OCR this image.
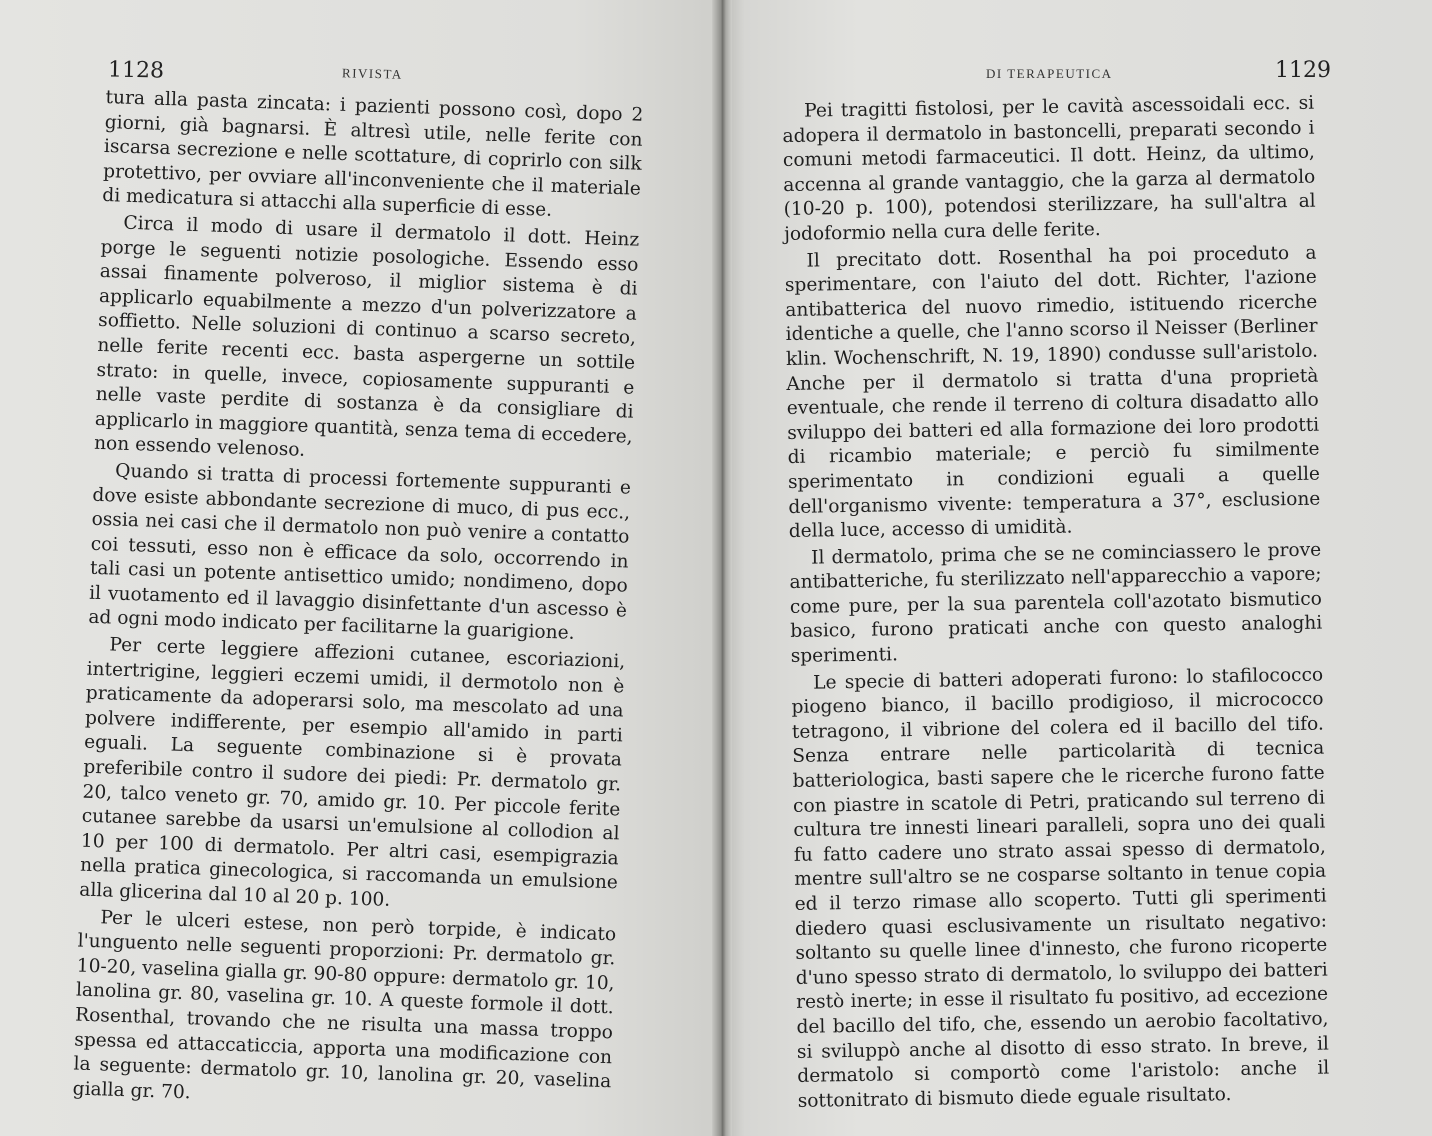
1128	RIVISTA

tura alla pasta zincata: i pazienti possono così, dopo 2 giorni, già bagnarsi. È altresì utile, nelle ferite con iscarsa secrezione e nelle scottature, di coprirlo con silk protettivo, per ovviare all'inconveniente che il materiale di medicatura si attacchi alla superficie di esse.

Circa il modo di usare il dermatolo il dott. Heinz porge le seguenti notizie posologiche. Essendo esso assai finamente polveroso, il miglior sistema è di applicarlo equabilmente a mezzo d'un polverizzatore a soffietto. Nelle soluzioni di continuo a scarso secreto, nelle ferite recenti ecc. basta aspergerne un sottile strato: in quelle, invece, copiosamente suppuranti e nelle vaste perdite di sostanza è da consigliare di applicarlo in maggiore quantità, senza tema di eccedere, non essendo velenoso.

Quando si tratta di processi fortemente suppuranti e dove esiste abbondante secrezione di muco, di pus ecc., ossia nei casi che il dermatolo non può venire a contatto coi tessuti, esso non è efficace da solo, occorrendo in tali casi un potente antisettico umido; nondimeno, dopo il vuotamento ed il lavaggio disinfettante d'un ascesso è ad ogni modo indicato per facilitarne la guarigione.

Per certe leggiere affezioni cutanee, escoriazioni, intertrigine, leggieri eczemi umidi, il dermotolo non è praticamente da adoperarsi solo, ma mescolato ad una polvere indifferente, per esempio all'amido in parti eguali. La seguente combinazione si è provata preferibile contro il sudore dei piedi: Pr. dermatolo gr. 20, talco veneto gr. 70, amido gr. 10. Per piccole ferite cutanee sarebbe da usarsi un'emulsione al collodion al 10 per 100 di dermatolo. Per altri casi, esempigrazia nella pratica ginecologica, si raccomanda un emulsione alla glicerina dal 10 al 20 p. 100.

Per le ulceri estese, non però torpide, è indicato l'unguento nelle seguenti proporzioni: Pr. dermatolo gr. 10-20, vaselina gialla gr. 90-80 oppure: dermatolo gr. 10, lanolina gr. 80, vaselina gr. 10. A queste formole il dott. Rosenthal, trovando che ne risulta una massa troppo spessa ed attaccaticcia, apporta una modificazione con la seguente: dermatolo gr. 10, lanolina gr. 20, vaselina gialla gr. 70.

DI TERAPEUTICA	1129

Pei tragitti fistolosi, per le cavità ascessoidali ecc. si adopera il dermatolo in bastoncelli, preparati secondo i comuni metodi farmaceutici. Il dott. Heinz, da ultimo, accenna al grande vantaggio, che la garza al dermatolo (10-20 p. 100), potendosi sterilizzare, ha sull'altra al jodoformio nella cura delle ferite.

Il precitato dott. Rosenthal ha poi proceduto a sperimentare, con l'aiuto del dott. Richter, l'azione antibatterica del nuovo rimedio, istituendo ricerche identiche a quelle, che l'anno scorso il Neisser (Berliner klin. Wochenschrift, N. 19, 1890) condusse sull'aristolo. Anche per il dermatolo si tratta d'una proprietà eventuale, che rende il terreno di coltura disadatto allo sviluppo dei batteri ed alla formazione dei loro prodotti di ricambio materiale; e perciò fu similmente sperimentato in condizioni eguali a quelle dell'organismo vivente: temperatura a 37°, esclusione della luce, accesso di umidità.

Il dermatolo, prima che se ne cominciassero le prove antibatteriche, fu sterilizzato nell'apparecchio a vapore; come pure, per la sua parentela coll'azotato bismutico basico, furono praticati anche con questo analoghi sperimenti.

Le specie di batteri adoperati furono: lo stafilococco piogeno bianco, il bacillo prodigioso, il micrococco tetragono, il vibrione del colera ed il bacillo del tifo. Senza entrare nelle particolarità di tecnica batteriologica, basti sapere che le ricerche furono fatte con piastre in scatole di Petri, praticando sul terreno di cultura tre innesti lineari paralleli, sopra uno dei quali fu fatto cadere uno strato assai spesso di dermatolo, mentre sull'altro se ne cosparse soltanto in tenue copia ed il terzo rimase allo scoperto. Tutti gli sperimenti diedero quasi esclusivamente un risultato negativo: soltanto su quelle linee d'innesto, che furono ricoperte d'uno spesso strato di dermatolo, lo sviluppo dei batteri restò inerte; in esse il risultato fu positivo, ad eccezione del bacillo del tifo, che, essendo un aerobio facoltativo, si sviluppò anche al disotto di esso strato. In breve, il dermatolo si comportò come l'aristolo: anche il sottonitrato di bismuto diede eguale risultato.
